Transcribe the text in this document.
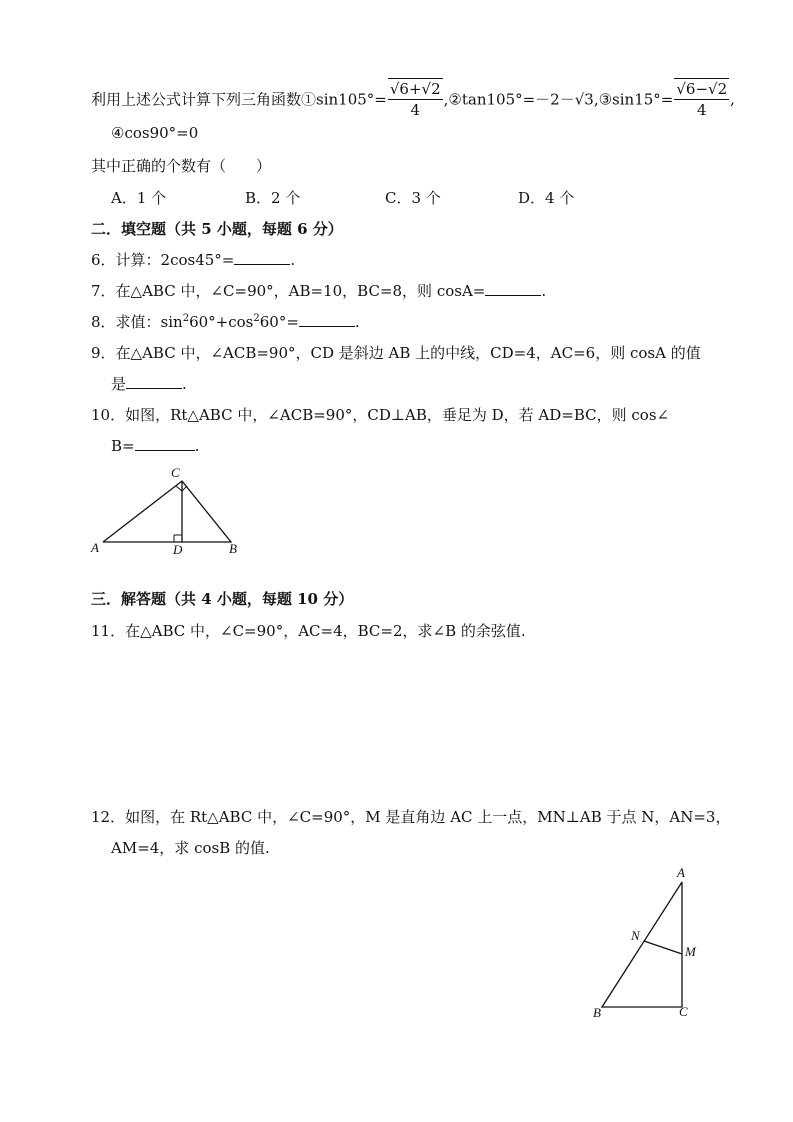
利用上述公式计算下列三角函数①sin105°= $\frac{√6+√2}{4}$ ,②tan105°=－2－√3,③sin15°= $\frac{√6-√2}{4}$ ,
④cos90°=0
其中正确的个数有（　　）
A．1 个	B．2 个	C．3 个	D．4 个
二．填空题（共 5 小题，每题 6 分）
6．计算：2cos45°=	.
7．在△ABC 中，∠C=90°，AB=10，BC=8，则 cosA=	.
8．求值：$\sin^260^\circ+\cos^260^\circ=$	.
9．在△ABC 中，∠ACB=90°，CD 是斜边 AB 上的中线，CD=4，AC=6，则 cosA 的值
是	.
10．如图，Rt△ABC 中，∠ACB=90°，CD⊥AB，垂足为 D，若 AD=BC，则 cos∠
B=	.
A	B
C
D
三．解答题（共 4 小题，每题 10 分）
11．在△ABC 中，∠C=90°，AC=4，BC=2，求∠B 的余弦值.
12．如图，在 Rt△ABC 中，∠C=90°，M 是直角边 AC 上一点，MN⊥AB 于点 N，AN=3，
AM=4，求 cosB 的值.
A
B	C
M
N
